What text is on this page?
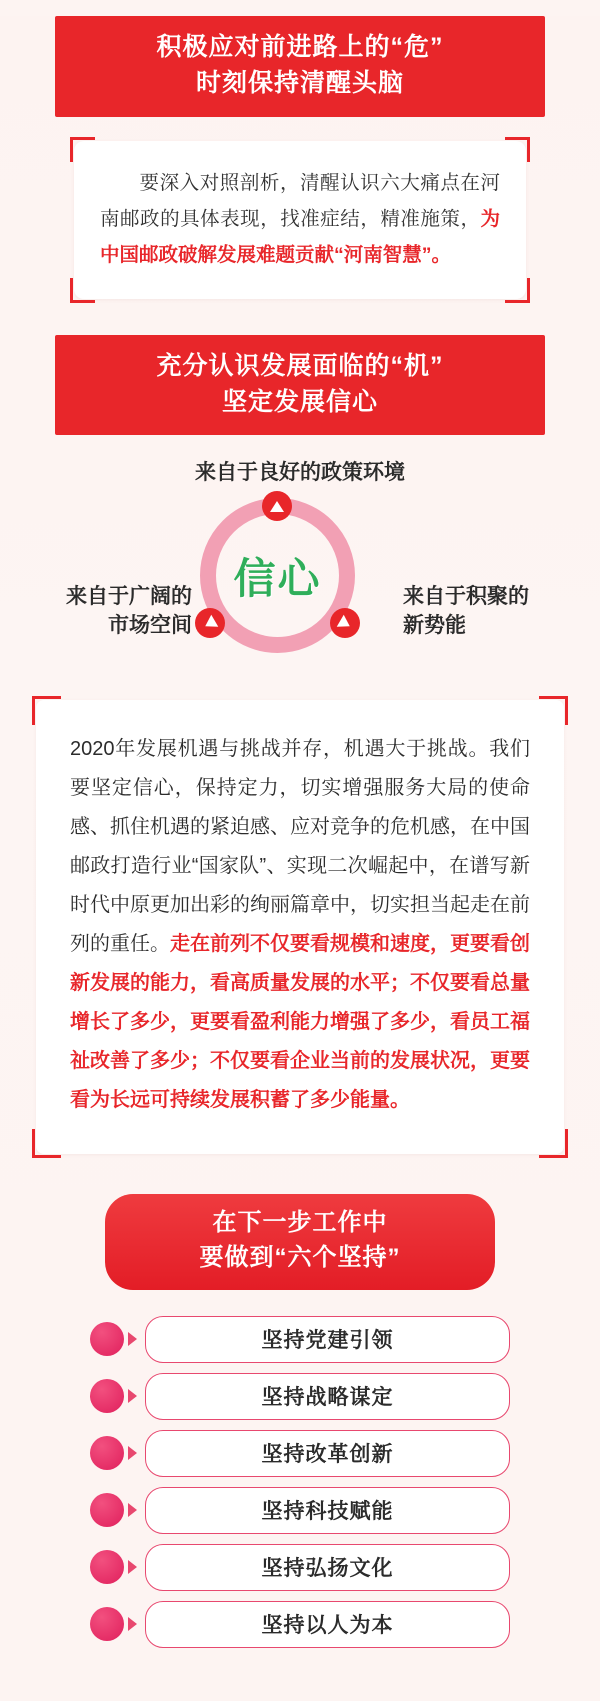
积极应对前进路上的“危”
时刻保持清醒头脑
要深入对照剖析，清醒认识六大痛点在河南邮政的具体表现，找准症结，精准施策，为中国邮政破解发展难题贡献“河南智慧”。
充分认识发展面临的“机”
坚定发展信心
来自于良好的政策环境
信心
来自于广阔的
市场空间
来自于积聚的
新势能
2020年发展机遇与挑战并存，机遇大于挑战。我们要坚定信心，保持定力，切实增强服务大局的使命感、抓住机遇的紧迫感、应对竞争的危机感，在中国邮政打造行业“国家队”、实现二次崛起中，在谱写新时代中原更加出彩的绚丽篇章中，切实担当起走在前列的重任。走在前列不仅要看规模和速度，更要看创新发展的能力，看高质量发展的水平；不仅要看总量增长了多少，更要看盈利能力增强了多少，看员工福祉改善了多少；不仅要看企业当前的发展状况，更要看为长远可持续发展积蓄了多少能量。
在下一步工作中
要做到“六个坚持”
坚持党建引领
坚持战略谋定
坚持改革创新
坚持科技赋能
坚持弘扬文化
坚持以人为本
